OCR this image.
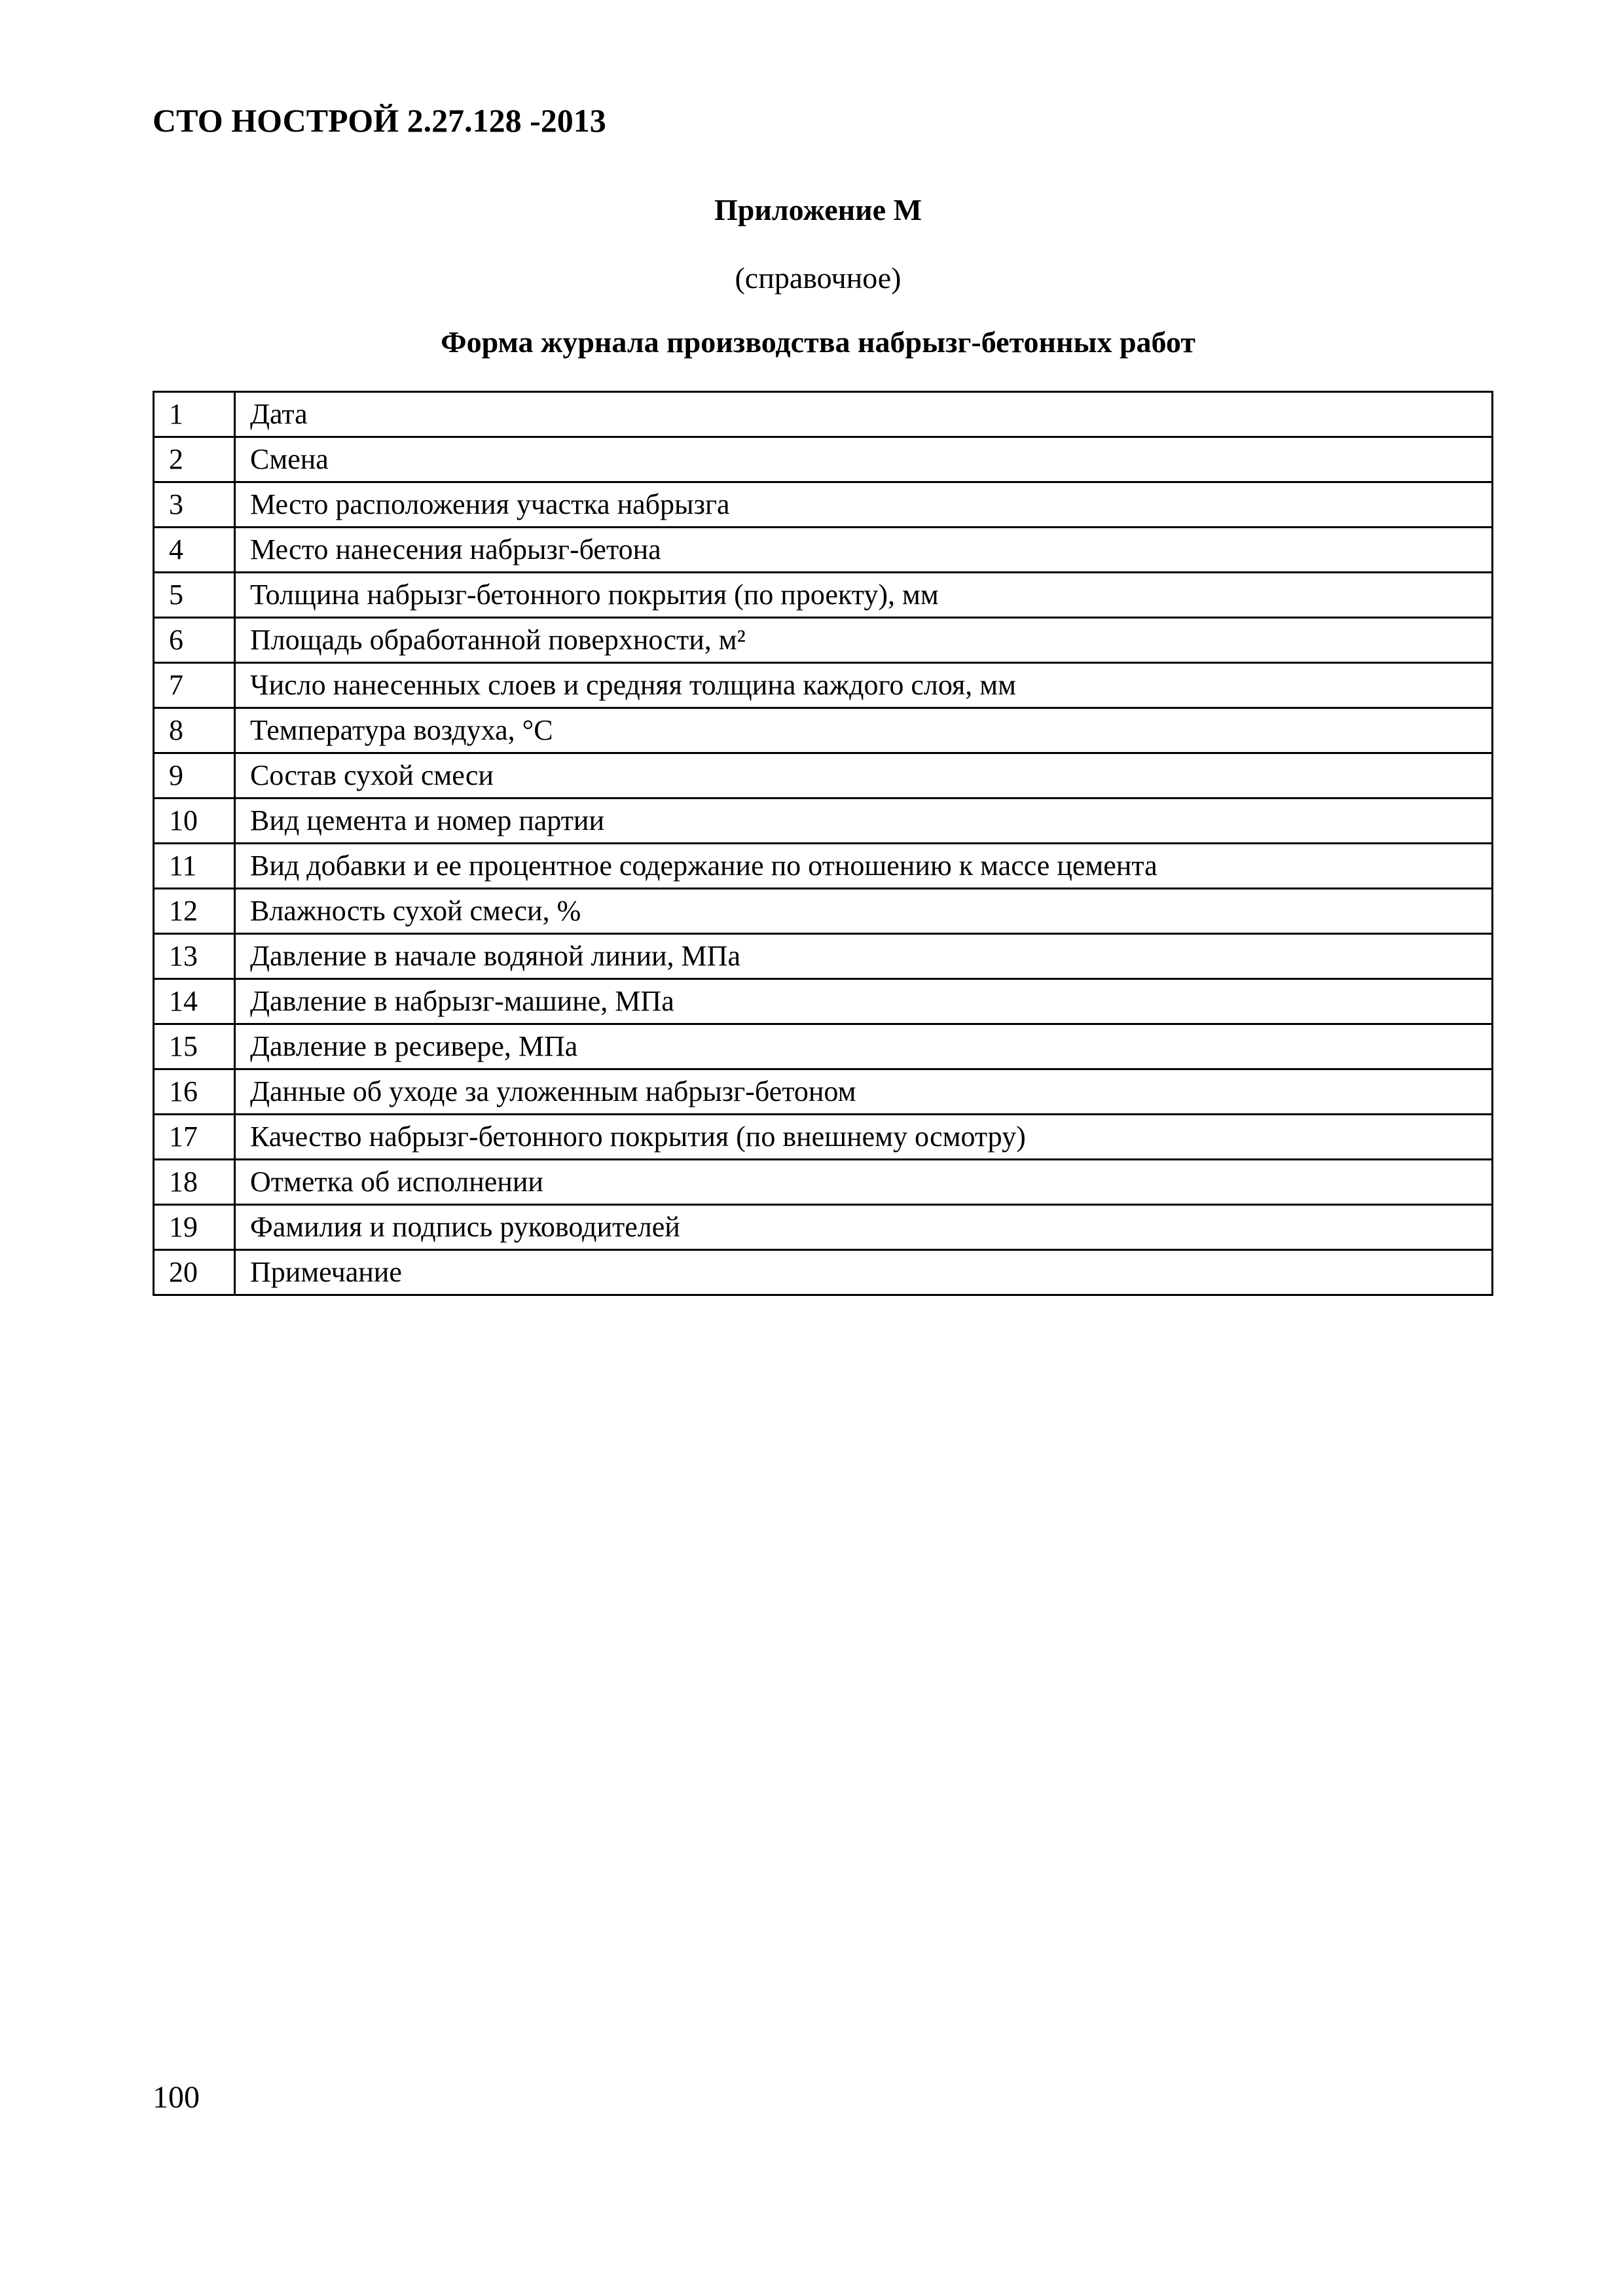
СТО НОСТРОЙ 2.27.128 -2013
Приложение М
(справочное)
Форма журнала производства набрызг-бетонных работ
1	Дата
2	Смена
3	Место расположения участка набрызга
4	Место нанесения набрызг-бетона
5	Толщина набрызг-бетонного покрытия (по проекту), мм
6	Площадь обработанной поверхности, м²
7	Число нанесенных слоев и средняя толщина каждого слоя, мм
8	Температура воздуха, °С
9	Состав сухой смеси
10	Вид цемента и номер партии
11	Вид добавки и ее процентное содержание по отношению к массе цемента
12	Влажность сухой смеси, %
13	Давление в начале водяной линии, МПа
14	Давление в набрызг-машине, МПа
15	Давление в ресивере, МПа
16	Данные об уходе за уложенным набрызг-бетоном
17	Качество набрызг-бетонного покрытия (по внешнему осмотру)
18	Отметка об исполнении
19	Фамилия и подпись руководителей
20	Примечание
100
